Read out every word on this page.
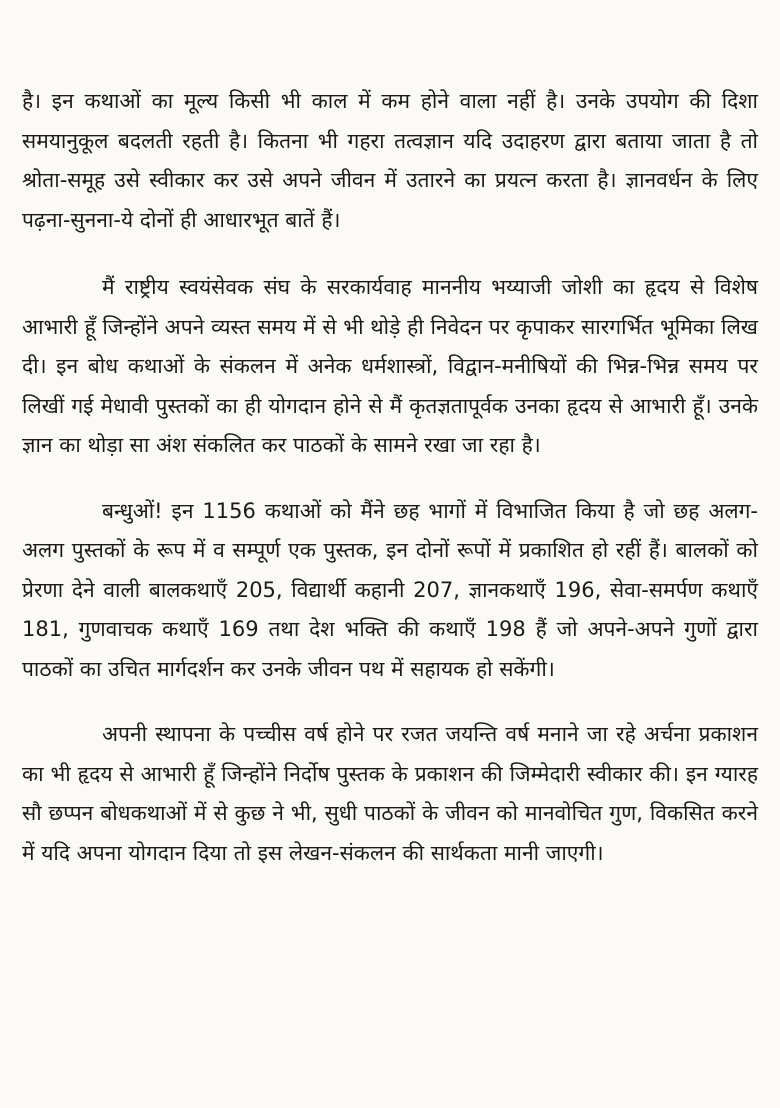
है। इन कथाओं का मूल्य किसी भी काल में कम होने वाला नहीं है। उनके उपयोग की दिशा समयानुकूल बदलती रहती है। कितना भी गहरा तत्वज्ञान यदि उदाहरण द्वारा बताया जाता है तो श्रोता-समूह उसे स्वीकार कर उसे अपने जीवन में उतारने का प्रयत्न करता है। ज्ञानवर्धन के लिए पढ़ना-सुनना-ये दोनों ही आधारभूत बातें हैं।

मैं राष्ट्रीय स्वयंसेवक संघ के सरकार्यवाह माननीय भय्याजी जोशी का हृदय से विशेष आभारी हूँ जिन्होंने अपने व्यस्त समय में से भी थोड़े ही निवेदन पर कृपाकर सारगर्भित भूमिका लिख दी। इन बोध कथाओं के संकलन में अनेक धर्मशास्त्रों, विद्वान-मनीषियों की भिन्न-भिन्न समय पर लिखीं गई मेधावी पुस्तकों का ही योगदान होने से मैं कृतज्ञतापूर्वक उनका हृदय से आभारी हूँ। उनके ज्ञान का थोड़ा सा अंश संकलित कर पाठकों के सामने रखा जा रहा है।

बन्धुओं! इन 1156 कथाओं को मैंने छह भागों में विभाजित किया है जो छह अलग-अलग पुस्तकों के रूप में व सम्पूर्ण एक पुस्तक, इन दोनों रूपों में प्रकाशित हो रहीं हैं। बालकों को प्रेरणा देने वाली बालकथाएँ 205, विद्यार्थी कहानी 207, ज्ञानकथाएँ 196, सेवा-समर्पण कथाएँ 181, गुणवाचक कथाएँ 169 तथा देश भक्ति की कथाएँ 198 हैं जो अपने-अपने गुणों द्वारा पाठकों का उचित मार्गदर्शन कर उनके जीवन पथ में सहायक हो सकेंगी।

अपनी स्थापना के पच्चीस वर्ष होने पर रजत जयन्ति वर्ष मनाने जा रहे अर्चना प्रकाशन का भी हृदय से आभारी हूँ जिन्होंने निर्दोष पुस्तक के प्रकाशन की जिम्मेदारी स्वीकार की। इन ग्यारह सौ छप्पन बोधकथाओं में से कुछ ने भी, सुधी पाठकों के जीवन को मानवोचित गुण, विकसित करने में यदि अपना योगदान दिया तो इस लेखन-संकलन की सार्थकता मानी जाएगी।
